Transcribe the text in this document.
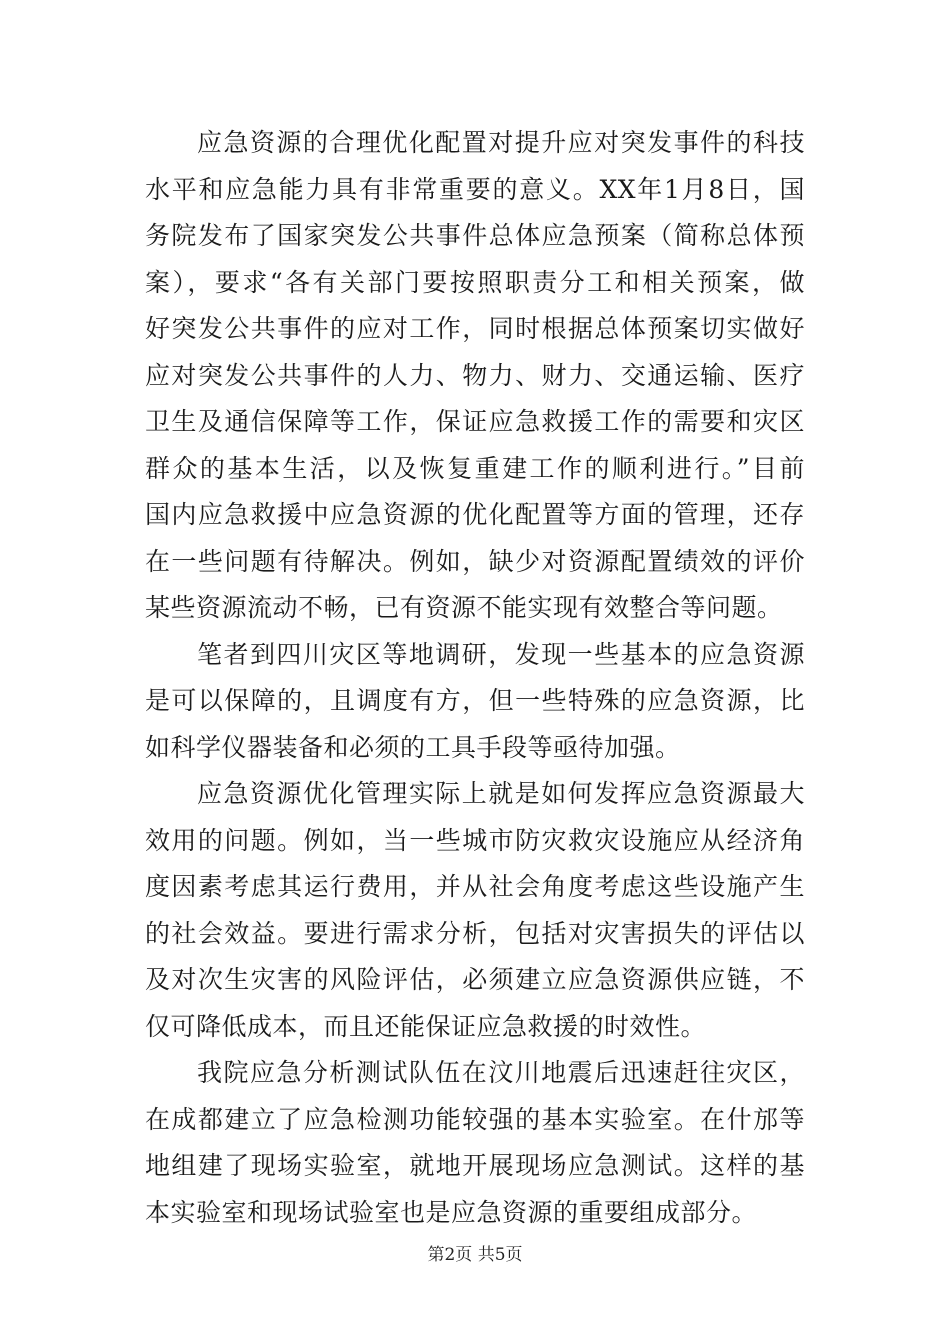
应急资源的合理优化配置对提升应对突发事件的科技
水平和应急能力具有非常重要的意义。XX年1月8日，国
务院发布了国家突发公共事件总体应急预案（简称总体预
案），要求“各有关部门要按照职责分工和相关预案，做
好突发公共事件的应对工作，同时根据总体预案切实做好
应对突发公共事件的人力、物力、财力、交通运输、医疗
卫生及通信保障等工作，保证应急救援工作的需要和灾区
群众的基本生活，以及恢复重建工作的顺利进行。”目前
国内应急救援中应急资源的优化配置等方面的管理，还存
在一些问题有待解决。例如，缺少对资源配置绩效的评价
某些资源流动不畅，已有资源不能实现有效整合等问题。
笔者到四川灾区等地调研，发现一些基本的应急资源
是可以保障的，且调度有方，但一些特殊的应急资源，比
如科学仪器装备和必须的工具手段等亟待加强。
应急资源优化管理实际上就是如何发挥应急资源最大
效用的问题。例如，当一些城市防灾救灾设施应从经济角
度因素考虑其运行费用，并从社会角度考虑这些设施产生
的社会效益。要进行需求分析，包括对灾害损失的评估以
及对次生灾害的风险评估，必须建立应急资源供应链，不
仅可降低成本，而且还能保证应急救援的时效性。
我院应急分析测试队伍在汶川地震后迅速赶往灾区，
在成都建立了应急检测功能较强的基本实验室。在什邡等
地组建了现场实验室，就地开展现场应急测试。这样的基
本实验室和现场试验室也是应急资源的重要组成部分。
第2页 共5页
